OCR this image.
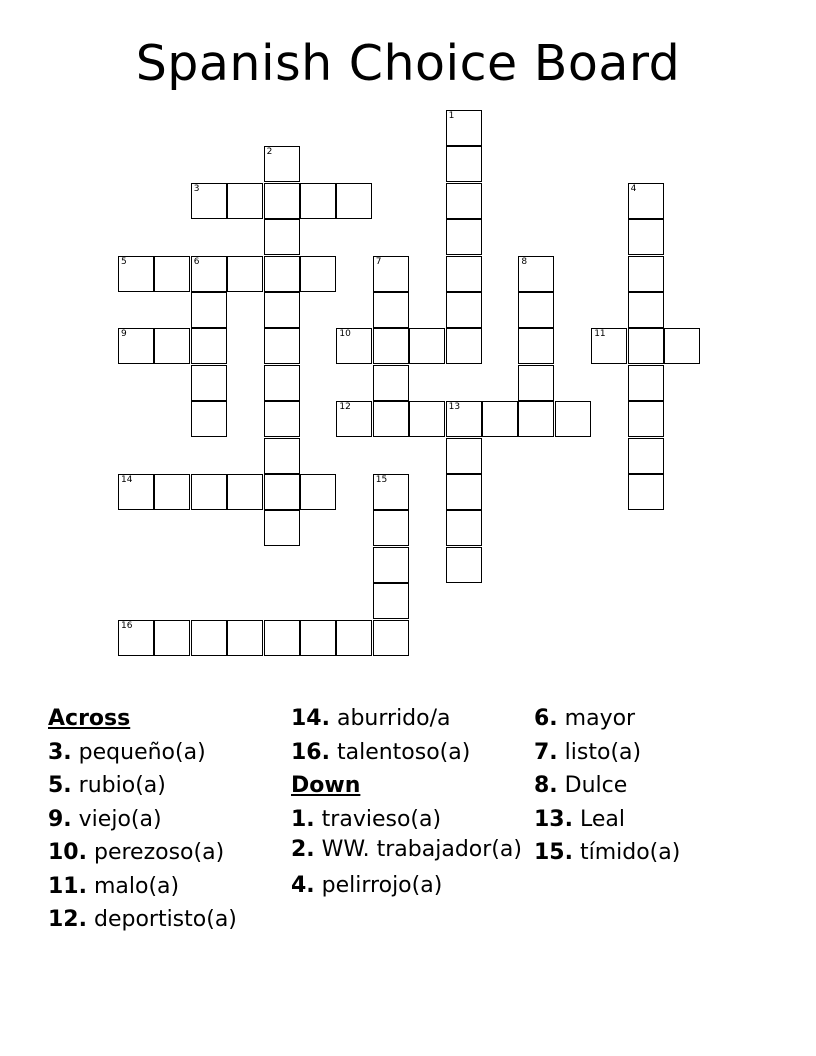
Spanish Choice Board
1
2
3	4
5	6	7	8
9	10	11
12	13
14	15
16
Across
3. pequeño(a)
5. rubio(a)
9. viejo(a)
10. perezoso(a)
11. malo(a)
12. deportisto(a)
14. aburrido/a
16. talentoso(a)
Down
1. travieso(a)
2. WW. trabajador(a)
4. pelirrojo(a)
6. mayor
7. listo(a)
8. Dulce
13. Leal
15. tímido(a)
